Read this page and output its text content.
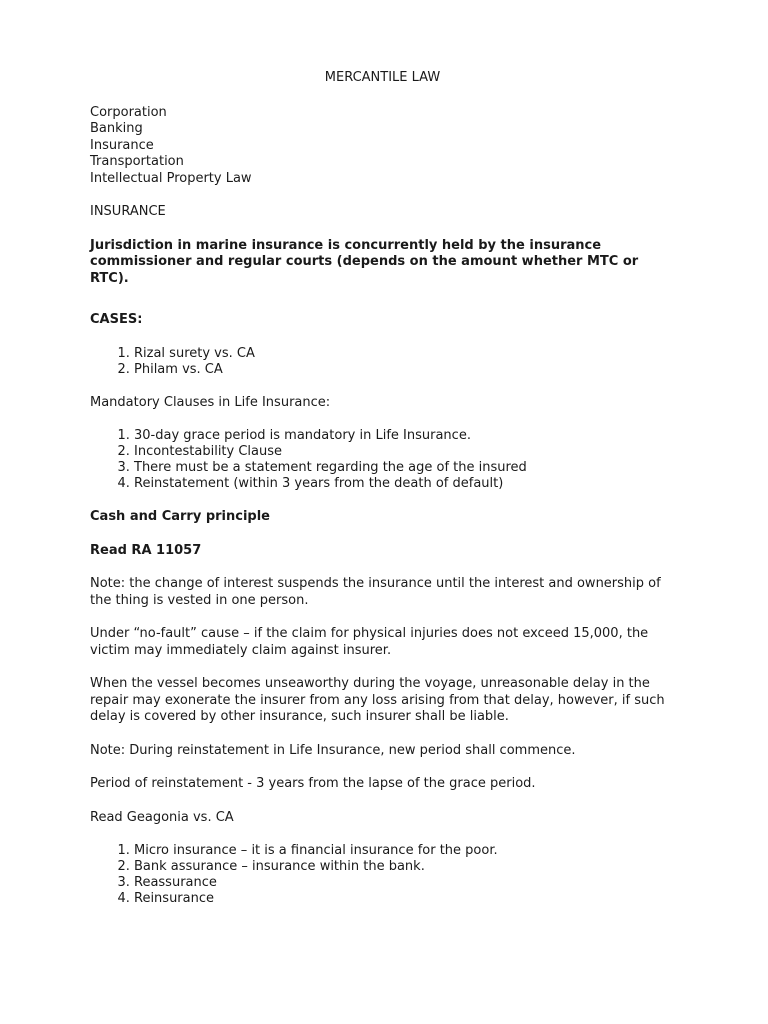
MERCANTILE LAW
Corporation
Banking
Insurance
Transportation
Intellectual Property Law

INSURANCE

Jurisdiction in marine insurance is concurrently held by the insurance commissioner and regular courts (depends on the amount whether MTC or RTC).

CASES:

1. Rizal surety vs. CA
2. Philam vs. CA

Mandatory Clauses in Life Insurance:

1. 30-day grace period is mandatory in Life Insurance.
2. Incontestability Clause
3. There must be a statement regarding the age of the insured
4. Reinstatement (within 3 years from the death of default)

Cash and Carry principle

Read RA 11057

Note: the change of interest suspends the insurance until the interest and ownership of the thing is vested in one person.

Under “no-fault” cause – if the claim for physical injuries does not exceed 15,000, the victim may immediately claim against insurer.

When the vessel becomes unseaworthy during the voyage, unreasonable delay in the repair may exonerate the insurer from any loss arising from that delay, however, if such delay is covered by other insurance, such insurer shall be liable.

Note: During reinstatement in Life Insurance, new period shall commence.

Period of reinstatement - 3 years from the lapse of the grace period.

Read Geagonia vs. CA

1. Micro insurance – it is a financial insurance for the poor.
2. Bank assurance – insurance within the bank.
3. Reassurance
4. Reinsurance
